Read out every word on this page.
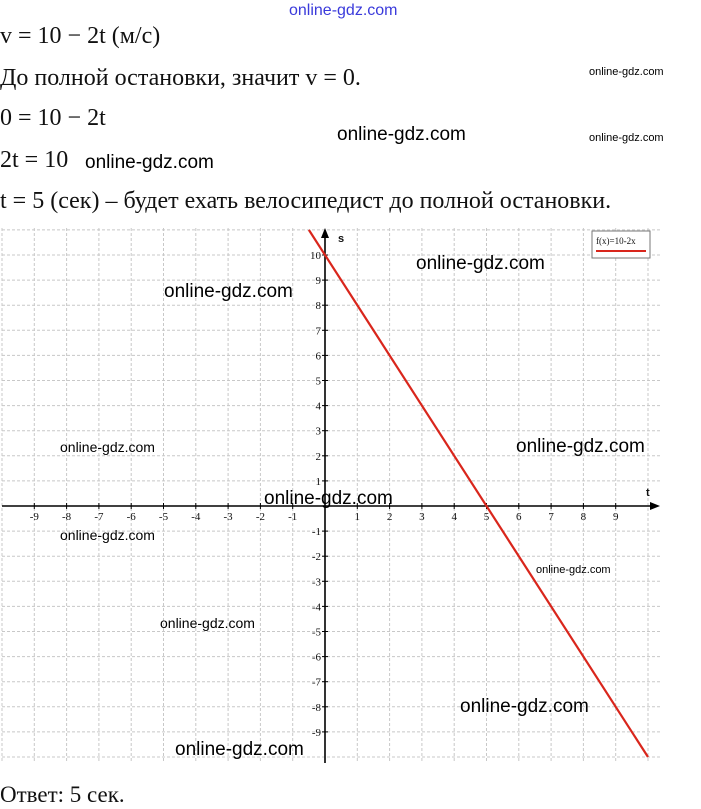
online-gdz.com

v = 10 − 2t (м/с)

До полной остановки, значит v = 0.

0 = 10 − 2t

2t = 10

t = 5 (сек) – будет ехать велосипедист до полной остановки.

t
s
-9 -8 -7 -6 -5 -4 -3 -2 -1	1 2 3 4 5 6 7 8 9
-9
-8
-7
-6
-5
-4
-3
-2
-1
1
2
3
4
5
6
7
8
9
10
f(x)=10-2x
online-gdz.com
online-gdz.com	online-gdz.com
online-gdz.com
online-gdz.com
online-gdz.com
online-gdz.com	online-gdz.com
online-gdz.com
online-gdz.com
online-gdz.com
online-gdz.com
online-gdz.com
online-gdz.com

Ответ: 5 сек.
